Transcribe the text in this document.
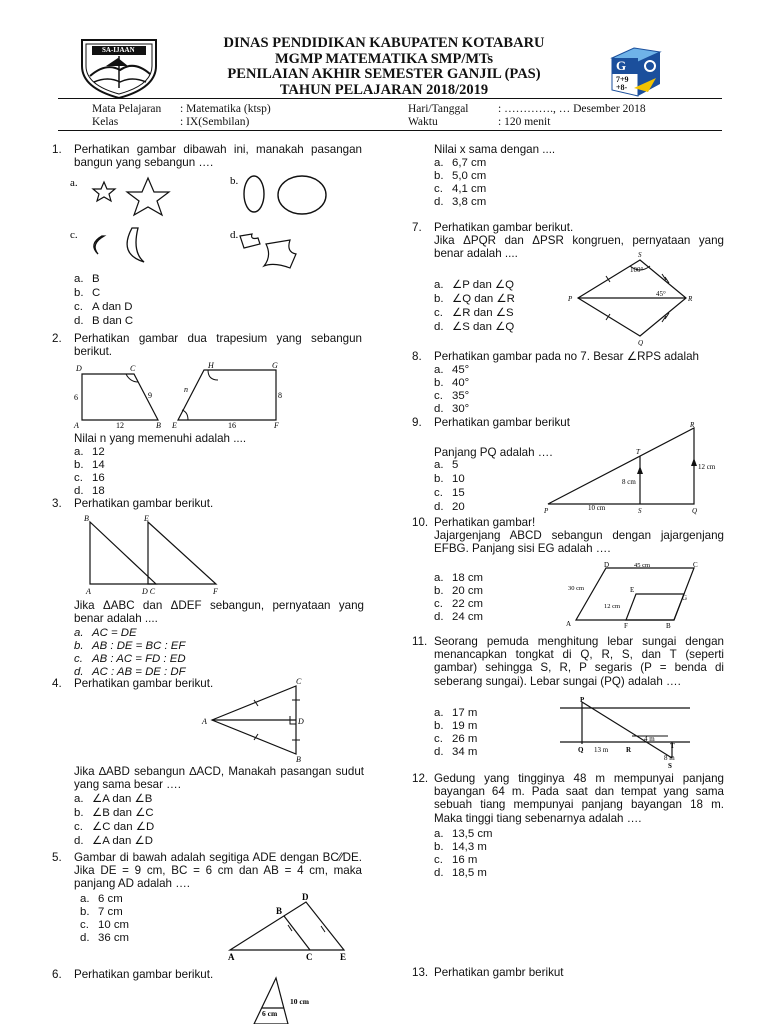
SA-IJAAN	DINAS PENDIDIKAN KABUPATEN KOTABARU
MGMP MATEMATIKA SMP/MTs
PENILAIAN AKHIR SEMESTER GANJIL (PAS)
TAHUN PELAJARAN 2018/2019
G
7+9
+8-
Mata Pelajaran : Matematika (ktsp)
Kelas	: IX(Sembilan)
Hari/Tanggal	: …………., … Desember 2018
Waktu	: 120 menit
1. Perhatikan gambar dibawah ini, manakah pasangan bangun yang sebangun ….
a.	b.
c.	d.
a. B
b. C
c. A dan D
d. B dan C
2. Perhatikan gambar dua trapesium yang sebangun berikut.
D	C
A	B
H	G
E	F
6	9
12
n
16
8
Nilai n yang memenuhi adalah ....
a. 12
b. 14
c. 16
d. 18
3. Perhatikan gambar berikut.
B	E
A	D C	F
Jika ΔABC dan ΔDEF sebangun, pernyataan yang benar adalah ....
a. AC = DE
b. AB : DE = BC : EF
c. AB : AC = FD : ED
d. AC : AB = DE : DF
4. Perhatikan gambar berikut.
A
C
D
B
Jika ∆ABD sebangun ∆ACD, Manakah pasangan sudut yang sama besar ….
a. ∠A dan ∠B
b. ∠B dan ∠C
c. ∠C dan ∠D
d. ∠A dan ∠D
5. Gambar di bawah adalah segitiga ADE dengan BC⁄⁄DE. Jika DE = 9 cm, BC = 6 cm dan AB = 4 cm, maka panjang AD adalah ….
a. 6 cm
b. 7 cm
c. 10 cm
d. 36 cm
A
B
C
D
E
6. Perhatikan gambar berikut.
10 cm
6 cm
Nilai x sama dengan ....
a. 6,7 cm
b. 5,0 cm
c. 4,1 cm
d. 3,8 cm
7. Perhatikan gambar berikut.
Jika ΔPQR dan ΔPSR kongruen, pernyataan yang benar adalah ....
a. ∠P dan ∠Q
b. ∠Q dan ∠R
c. ∠R dan ∠S
d. ∠S dan ∠Q
S
P	R
Q
100°
45°
8. Perhatikan gambar pada no 7. Besar ∠RPS adalah
a. 45°
b. 40°
c. 35°
d. 30°
9. Perhatikan gambar berikut
Panjang PQ adalah ….
a. 5
b. 10
c. 15
d. 20
R
T
P	S	Q
12 cm
8 cm
10 cm
10. Perhatikan gambar!
Jajargenjang ABCD sebangun dengan jajargenjang EFBG. Panjang sisi EG adalah ….
a. 18 cm
b. 20 cm
c. 22 cm
d. 24 cm
D	C
E
G
A	F	B
45 cm
30 cm
12 cm
11. Seorang pemuda menghitung lebar sungai dengan menancapkan tongkat di Q, R, S, dan T (seperti gambar) sehingga S, R, P segaris (P = benda di seberang sungai). Lebar sungai (PQ) adalah ….
a. 17 m
b. 19 m
c. 26 m
d. 34 m
P
Q	R	T
S
13 m
4 m
8 m
12. Gedung yang tingginya 48 m mempunyai panjang bayangan 64 m. Pada saat dan tempat yang sama sebuah tiang mempunyai panjang bayangan 18 m. Maka tinggi tiang sebenarnya adalah ….
a. 13,5 cm
b. 14,3 m
c. 16 m
d. 18,5 m
13. Perhatikan gambr berikut
